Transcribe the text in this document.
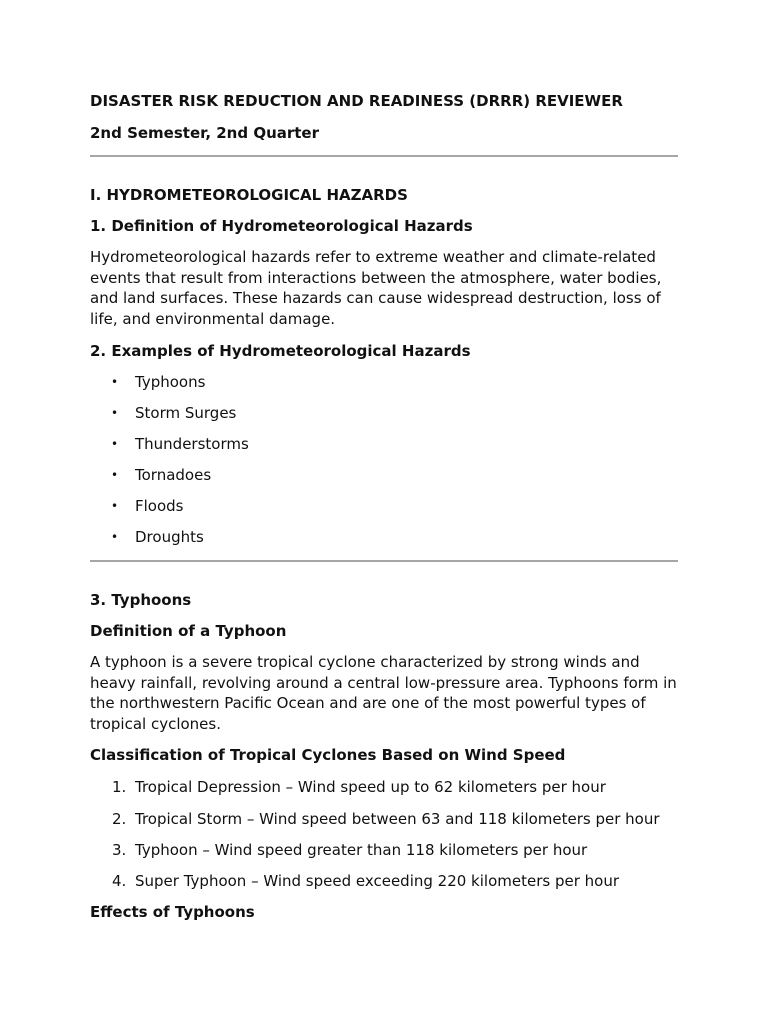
DISASTER RISK REDUCTION AND READINESS (DRRR) REVIEWER
2nd Semester, 2nd Quarter
I. HYDROMETEOROLOGICAL HAZARDS
1. Definition of Hydrometeorological Hazards
Hydrometeorological hazards refer to extreme weather and climate-related events that result from interactions between the atmosphere, water bodies, and land surfaces. These hazards can cause widespread destruction, loss of life, and environmental damage.
2. Examples of Hydrometeorological Hazards
• Typhoons
• Storm Surges
• Thunderstorms
• Tornadoes
• Floods
• Droughts
3. Typhoons
Definition of a Typhoon
A typhoon is a severe tropical cyclone characterized by strong winds and heavy rainfall, revolving around a central low-pressure area. Typhoons form in the northwestern Pacific Ocean and are one of the most powerful types of tropical cyclones.
Classification of Tropical Cyclones Based on Wind Speed
1. Tropical Depression – Wind speed up to 62 kilometers per hour
2. Tropical Storm – Wind speed between 63 and 118 kilometers per hour
3. Typhoon – Wind speed greater than 118 kilometers per hour
4. Super Typhoon – Wind speed exceeding 220 kilometers per hour
Effects of Typhoons
